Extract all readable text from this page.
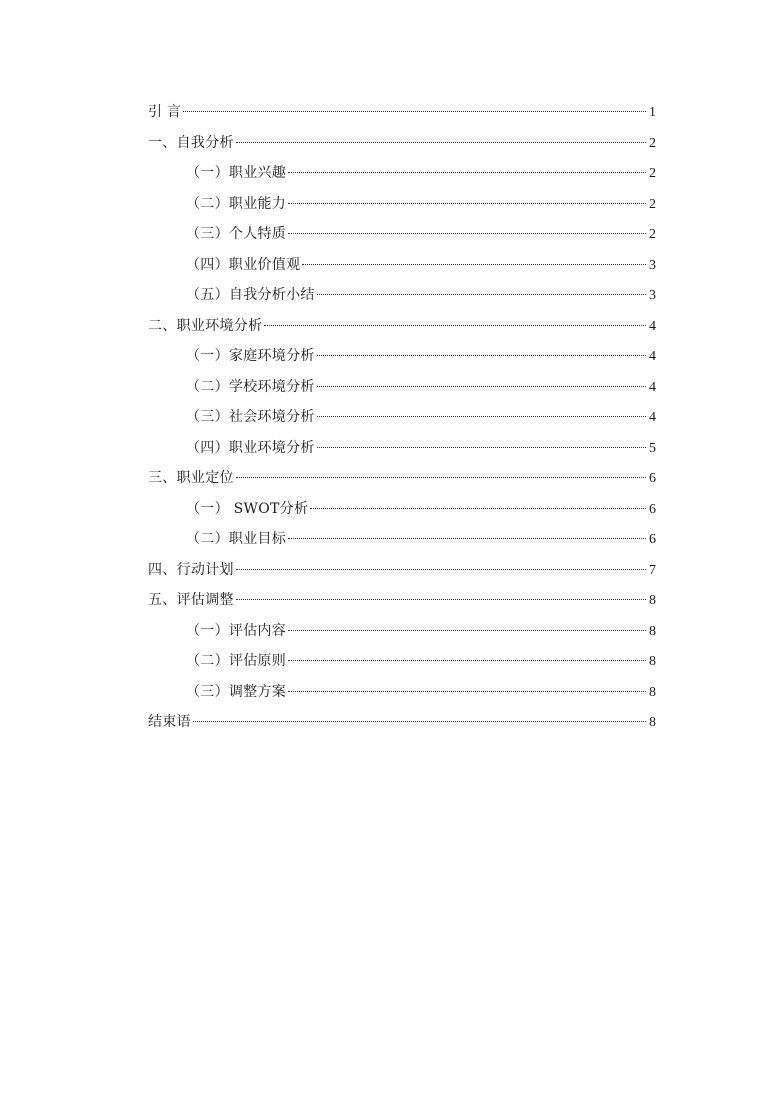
引 言	1
一、自我分析	2
（一）职业兴趣	2
（二）职业能力	2
（三）个人特质	2
（四）职业价值观	3
（五）自我分析小结	3
二、职业环境分析	4
（一）家庭环境分析	4
（二）学校环境分析	4
（三）社会环境分析	4
（四）职业环境分析	5
三、职业定位	6
（一） SWOT分析	6
（二）职业目标	6
四、行动计划	7
五、评估调整	8
（一）评估内容	8
（二）评估原则	8
（三）调整方案	8
结束语	8
